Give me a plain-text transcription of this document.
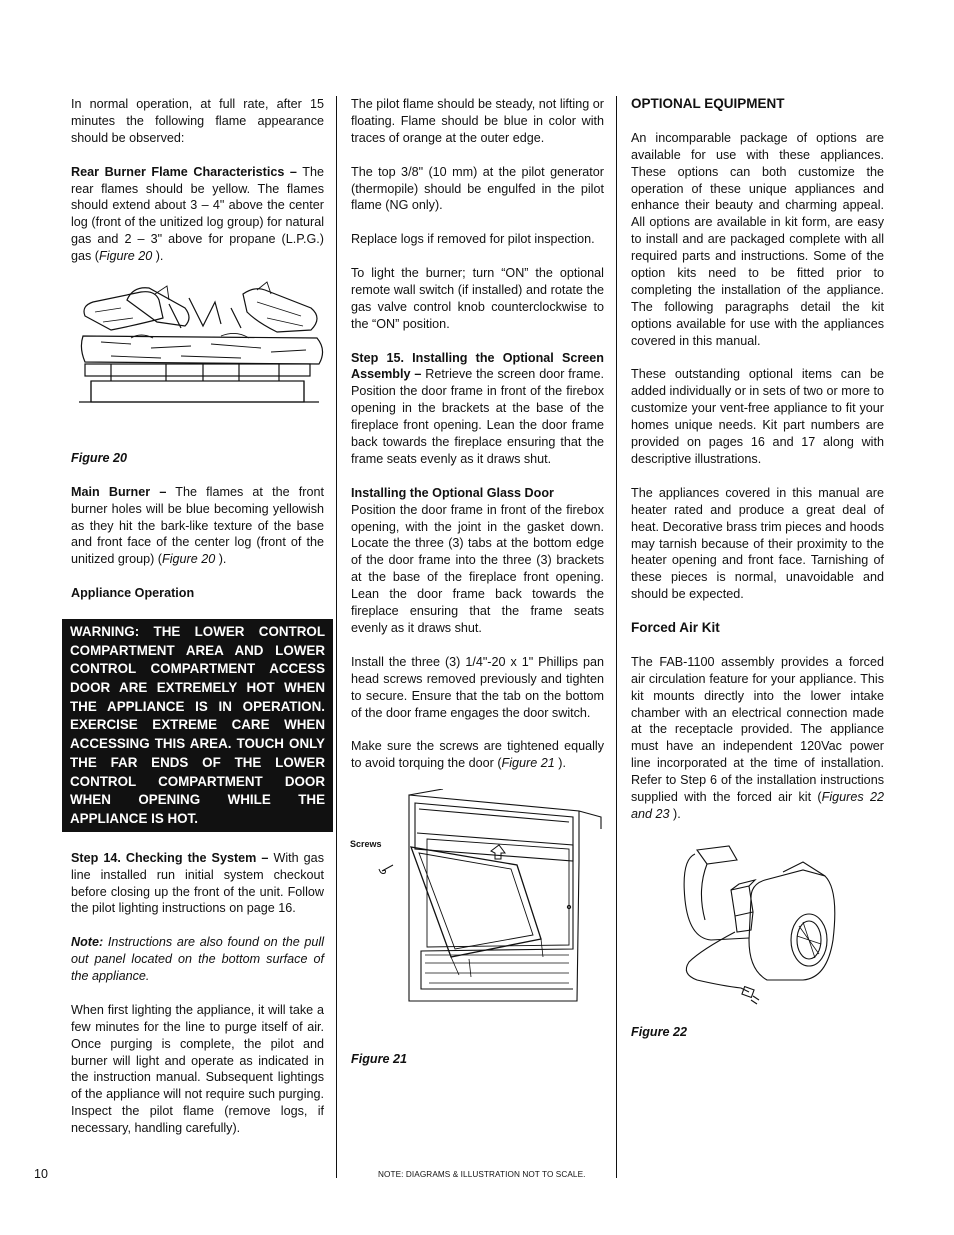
In normal operation, at full rate, after 15 minutes the following flame appearance should be observed:

Rear Burner Flame Characteristics – The rear flames should be yellow. The flames should extend about 3 – 4" above the center log (front of the unitized log group) for natural gas and 2 – 3" above for propane (L.P.G.) gas (Figure 20 ).

Figure 20

Main Burner – The flames at the front burner holes will be blue becoming yellowish as they hit the bark-like texture of the base and front face of the center log (front of the unitized group) (Figure 20 ).

Appliance Operation

WARNING: THE LOWER CONTROL COMPARTMENT AREA AND LOWER CONTROL COMPARTMENT ACCESS DOOR ARE EXTREMELY HOT WHEN THE APPLIANCE IS IN OPERATION. EXERCISE EXTREME CARE WHEN ACCESSING THIS AREA. TOUCH ONLY THE FAR ENDS OF THE LOWER CONTROL COMPARTMENT DOOR WHEN OPENING WHILE THE APPLIANCE IS HOT.

Step 14. Checking the System – With gas line installed run initial system checkout before closing up the front of the unit. Follow the pilot lighting instructions on page 16.

Note: Instructions are also found on the pull out panel located on the bottom surface of the appliance.

When first lighting the appliance, it will take a few minutes for the line to purge itself of air. Once purging is complete, the pilot and burner will light and operate as indicated in the instruction manual. Subsequent lightings of the appliance will not require such purging. Inspect the pilot flame (remove logs, if necessary, handling carefully).

The pilot flame should be steady, not lifting or floating. Flame should be blue in color with traces of orange at the outer edge.

The top 3/8" (10 mm) at the pilot generator (thermopile) should be engulfed in the pilot flame (NG only).

Replace logs if removed for pilot inspection.

To light the burner; turn “ON” the optional remote wall switch (if installed) and rotate the gas valve control knob counterclockwise to the “ON” position.

Step 15. Installing the Optional Screen Assembly – Retrieve the screen door frame. Position the door frame in front of the firebox opening in the brackets at the base of the fireplace front opening. Lean the door frame back towards the fireplace ensuring that the frame seats evenly as it draws shut.

Installing the Optional Glass Door
Position the door frame in front of the firebox opening, with the joint in the gasket down. Locate the three (3) tabs at the bottom edge of the door frame into the three (3) brackets at the base of the fireplace front opening. Lean the door frame back towards the fireplace ensuring that the frame seats evenly as it draws shut.

Install the three (3) 1/4"-20 x 1" Phillips pan head screws removed previously and tighten to secure. Ensure that the tab on the bottom of the door frame engages the door switch.

Make sure the screws are tightened equally to avoid torquing the door (Figure 21 ).

Screws

Figure 21

OPTIONAL EQUIPMENT

An incomparable package of options are available for use with these appliances. These options can both customize the operation of these unique appliances and enhance their beauty and charming appeal. All options are available in kit form, are easy to install and are packaged complete with all required parts and instructions. Some of the option kits need to be fitted prior to completing the installation of the appliance. The following paragraphs detail the kit options available for use with the appliances covered in this manual.

These outstanding optional items can be added individually or in sets of two or more to customize your vent-free appliance to fit your homes unique needs. Kit part numbers are provided on pages 16 and 17 along with descriptive illustrations.

The appliances covered in this manual are heater rated and produce a great deal of heat. Decorative brass trim pieces and hoods may tarnish because of their proximity to the heater opening and front face. Tarnishing of these pieces is normal, unavoidable and should be expected.

Forced Air Kit

The FAB-1100 assembly provides a forced air circulation feature for your appliance. This kit mounts directly into the lower intake chamber with an electrical connection made at the receptacle provided. The appliance must have an independent 120Vac power line incorporated at the time of installation. Refer to Step 6 of the installation instructions supplied with the forced air kit (Figures 22 and 23 ).

Figure 22

10	NOTE: DIAGRAMS & ILLUSTRATION NOT TO SCALE.
